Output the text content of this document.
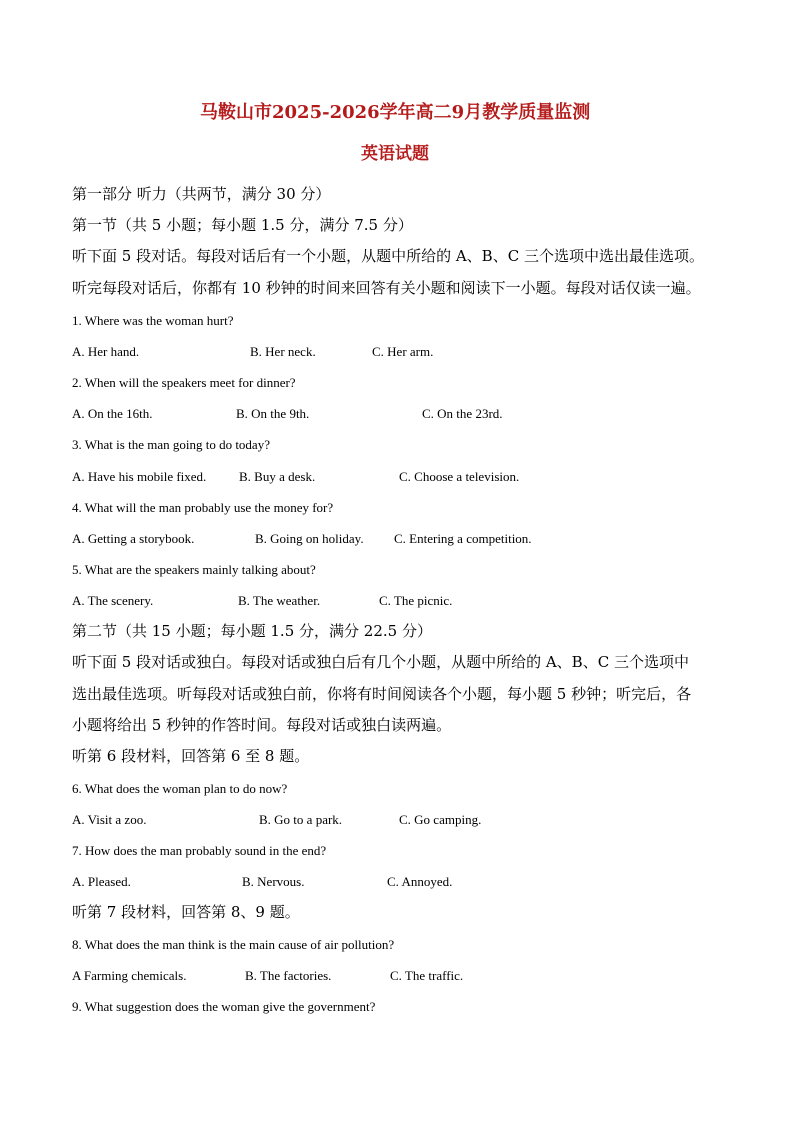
马鞍山市2025-2026学年高二9月教学质量监测
英语试题
第一部分 听力（共两节，满分 30 分）
第一节（共 5 小题；每小题 1.5 分，满分 7.5 分）
听下面 5 段对话。每段对话后有一个小题，从题中所给的 A、B、C 三个选项中选出最佳选项。
听完每段对话后，你都有 10 秒钟的时间来回答有关小题和阅读下一小题。每段对话仅读一遍。
1. Where was the woman hurt?
A. Her hand.	B. Her neck.	C. Her arm.
2. When will the speakers meet for dinner?
A. On the 16th.	B. On the 9th.	C. On the 23rd.
3. What is the man going to do today?
A. Have his mobile fixed.	B. Buy a desk.	C. Choose a television.
4. What will the man probably use the money for?
A. Getting a storybook.	B. Going on holiday. C. Entering a competition.
5. What are the speakers mainly talking about?
A. The scenery.	B. The weather.	C. The picnic.
第二节（共 15 小题；每小题 1.5 分，满分 22.5 分）
听下面 5 段对话或独白。每段对话或独白后有几个小题，从题中所给的 A、B、C 三个选项中
选出最佳选项。听每段对话或独白前，你将有时间阅读各个小题，每小题 5 秒钟；听完后，各
小题将给出 5 秒钟的作答时间。每段对话或独白读两遍。
听第 6 段材料，回答第 6 至 8 题。
6. What does the woman plan to do now?
A. Visit a zoo.	B. Go to a park.	C. Go camping.
7. How does the man probably sound in the end?
A. Pleased.	B. Nervous.	C. Annoyed.
听第 7 段材料，回答第 8、9 题。
8. What does the man think is the main cause of air pollution?
A Farming chemicals.	B. The factories.	C. The traffic.
9. What suggestion does the woman give the government?
